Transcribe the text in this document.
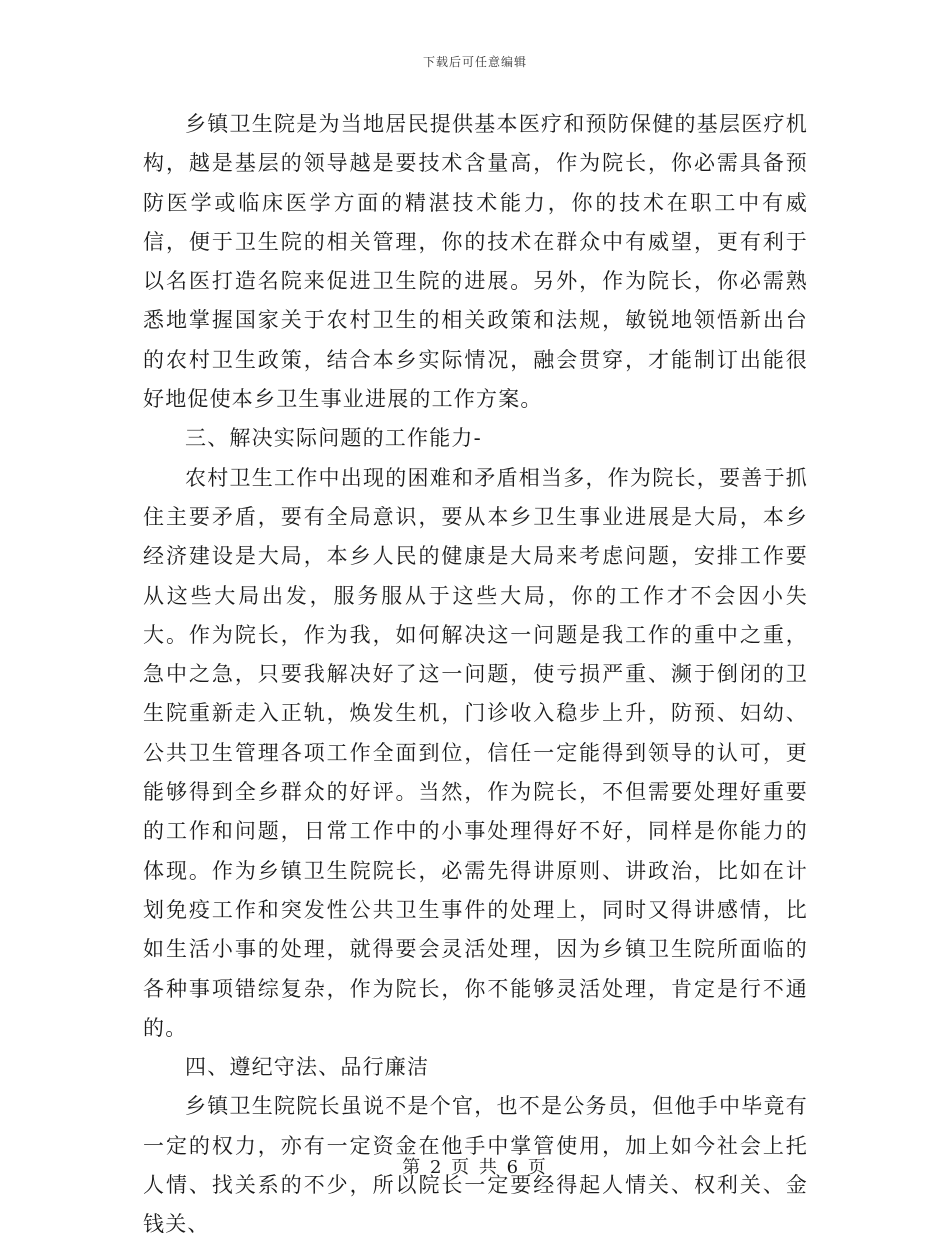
下载后可任意编辑

乡镇卫生院是为当地居民提供基本医疗和预防保健的基层医疗机构，越是基层的领导越是要技术含量高，作为院长，你必需具备预防医学或临床医学方面的精湛技术能力，你的技术在职工中有威信，便于卫生院的相关管理，你的技术在群众中有威望，更有利于以名医打造名院来促进卫生院的进展。另外，作为院长，你必需熟悉地掌握国家关于农村卫生的相关政策和法规，敏锐地领悟新出台的农村卫生政策，结合本乡实际情况，融会贯穿，才能制订出能很好地促使本乡卫生事业进展的工作方案。

三、解决实际问题的工作能力-

农村卫生工作中出现的困难和矛盾相当多，作为院长，要善于抓住主要矛盾，要有全局意识，要从本乡卫生事业进展是大局，本乡经济建设是大局，本乡人民的健康是大局来考虑问题，安排工作要从这些大局出发，服务服从于这些大局，你的工作才不会因小失大。作为院长，作为我，如何解决这一问题是我工作的重中之重，急中之急，只要我解决好了这一问题，使亏损严重、濒于倒闭的卫生院重新走入正轨，焕发生机，门诊收入稳步上升，防预、妇幼、公共卫生管理各项工作全面到位，信任一定能得到领导的认可，更能够得到全乡群众的好评。当然，作为院长，不但需要处理好重要的工作和问题，日常工作中的小事处理得好不好，同样是你能力的体现。作为乡镇卫生院院长，必需先得讲原则、讲政治，比如在计划免疫工作和突发性公共卫生事件的处理上，同时又得讲感情，比如生活小事的处理，就得要会灵活处理，因为乡镇卫生院所面临的各种事项错综复杂，作为院长，你不能够灵活处理，肯定是行不通的。

四、遵纪守法、品行廉洁

乡镇卫生院院长虽说不是个官，也不是公务员，但他手中毕竟有一定的权力，亦有一定资金在他手中掌管使用，加上如今社会上托人情、找关系的不少，所以院长一定要经得起人情关、权利关、金钱关、

第 2 页 共 6 页
